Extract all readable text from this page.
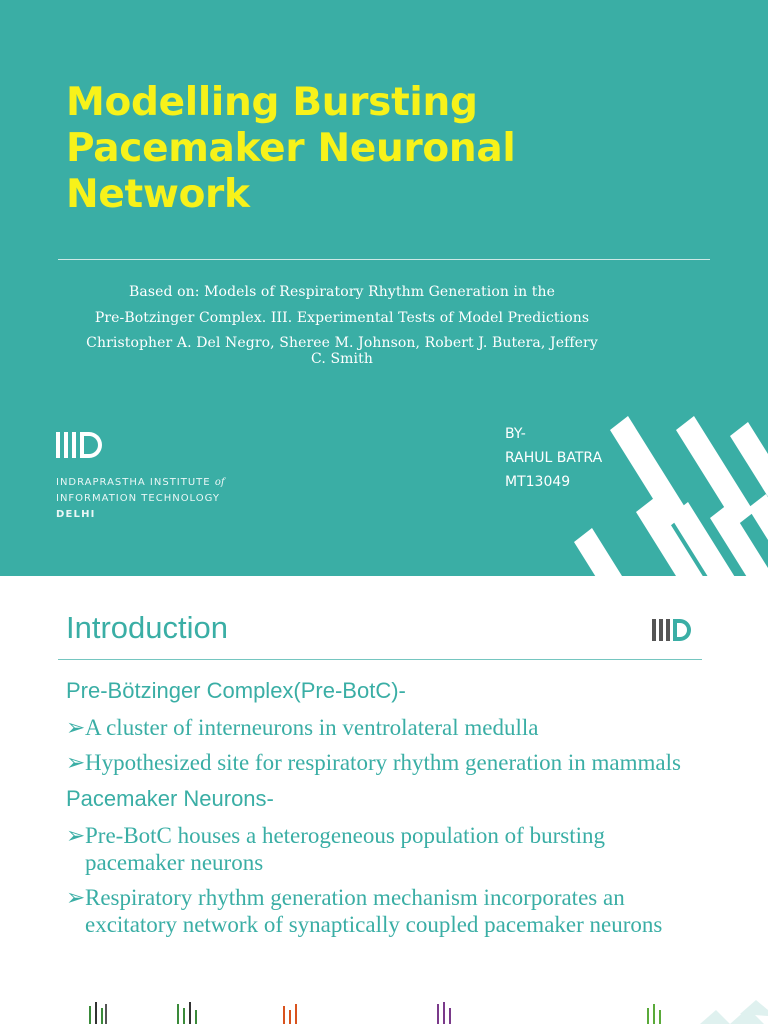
Modelling Bursting
Pacemaker Neuronal
Network
Based on: Models of Respiratory Rhythm Generation in the
Pre-Botzinger Complex. III. Experimental Tests of Model Predictions
Christopher A. Del Negro, Sheree M. Johnson, Robert J. Butera, Jeffery
C. Smith
INDRAPRASTHA INSTITUTE of
INFORMATION TECHNOLOGY
DELHI
BY-
RAHUL BATRA
MT13049
Introduction

Pre-Bötzinger Complex(Pre-BotC)-

➢A cluster of interneurons in ventrolateral medulla

➢Hypothesized site for respiratory rhythm generation in mammals

Pacemaker Neurons-

➢Pre-BotC houses a heterogeneous population of bursting pacemaker neurons

➢Respiratory rhythm generation mechanism incorporates an excitatory network of synaptically coupled pacemaker neurons
